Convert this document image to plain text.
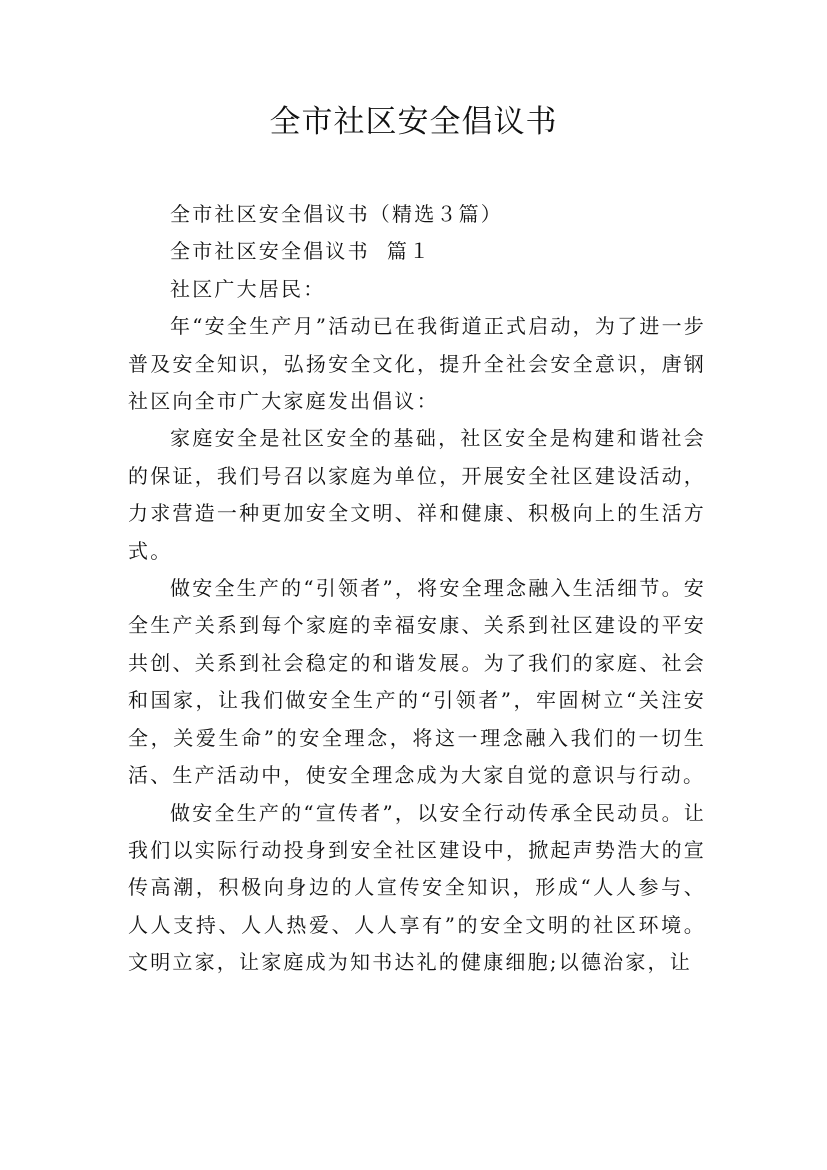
全市社区安全倡议书

全市社区安全倡议书（精选３篇）

全市社区安全倡议书  篇１

社区广大居民：

年“安全生产月”活动已在我街道正式启动，为了进一步普及安全知识，弘扬安全文化，提升全社会安全意识，唐钢社区向全市广大家庭发出倡议：

家庭安全是社区安全的基础，社区安全是构建和谐社会的保证，我们号召以家庭为单位，开展安全社区建设活动，力求营造一种更加安全文明、祥和健康、积极向上的生活方式。

做安全生产的“引领者”，将安全理念融入生活细节。安全生产关系到每个家庭的幸福安康、关系到社区建设的平安共创、关系到社会稳定的和谐发展。为了我们的家庭、社会和国家，让我们做安全生产的“引领者”，牢固树立“关注安全，关爱生命”的安全理念，将这一理念融入我们的一切生活、生产活动中，使安全理念成为大家自觉的意识与行动。

做安全生产的“宣传者”，以安全行动传承全民动员。让我们以实际行动投身到安全社区建设中，掀起声势浩大的宣传高潮，积极向身边的人宣传安全知识，形成“人人参与、人人支持、人人热爱、人人享有”的安全文明的社区环境。文明立家，让家庭成为知书达礼的健康细胞;以德治家，让
